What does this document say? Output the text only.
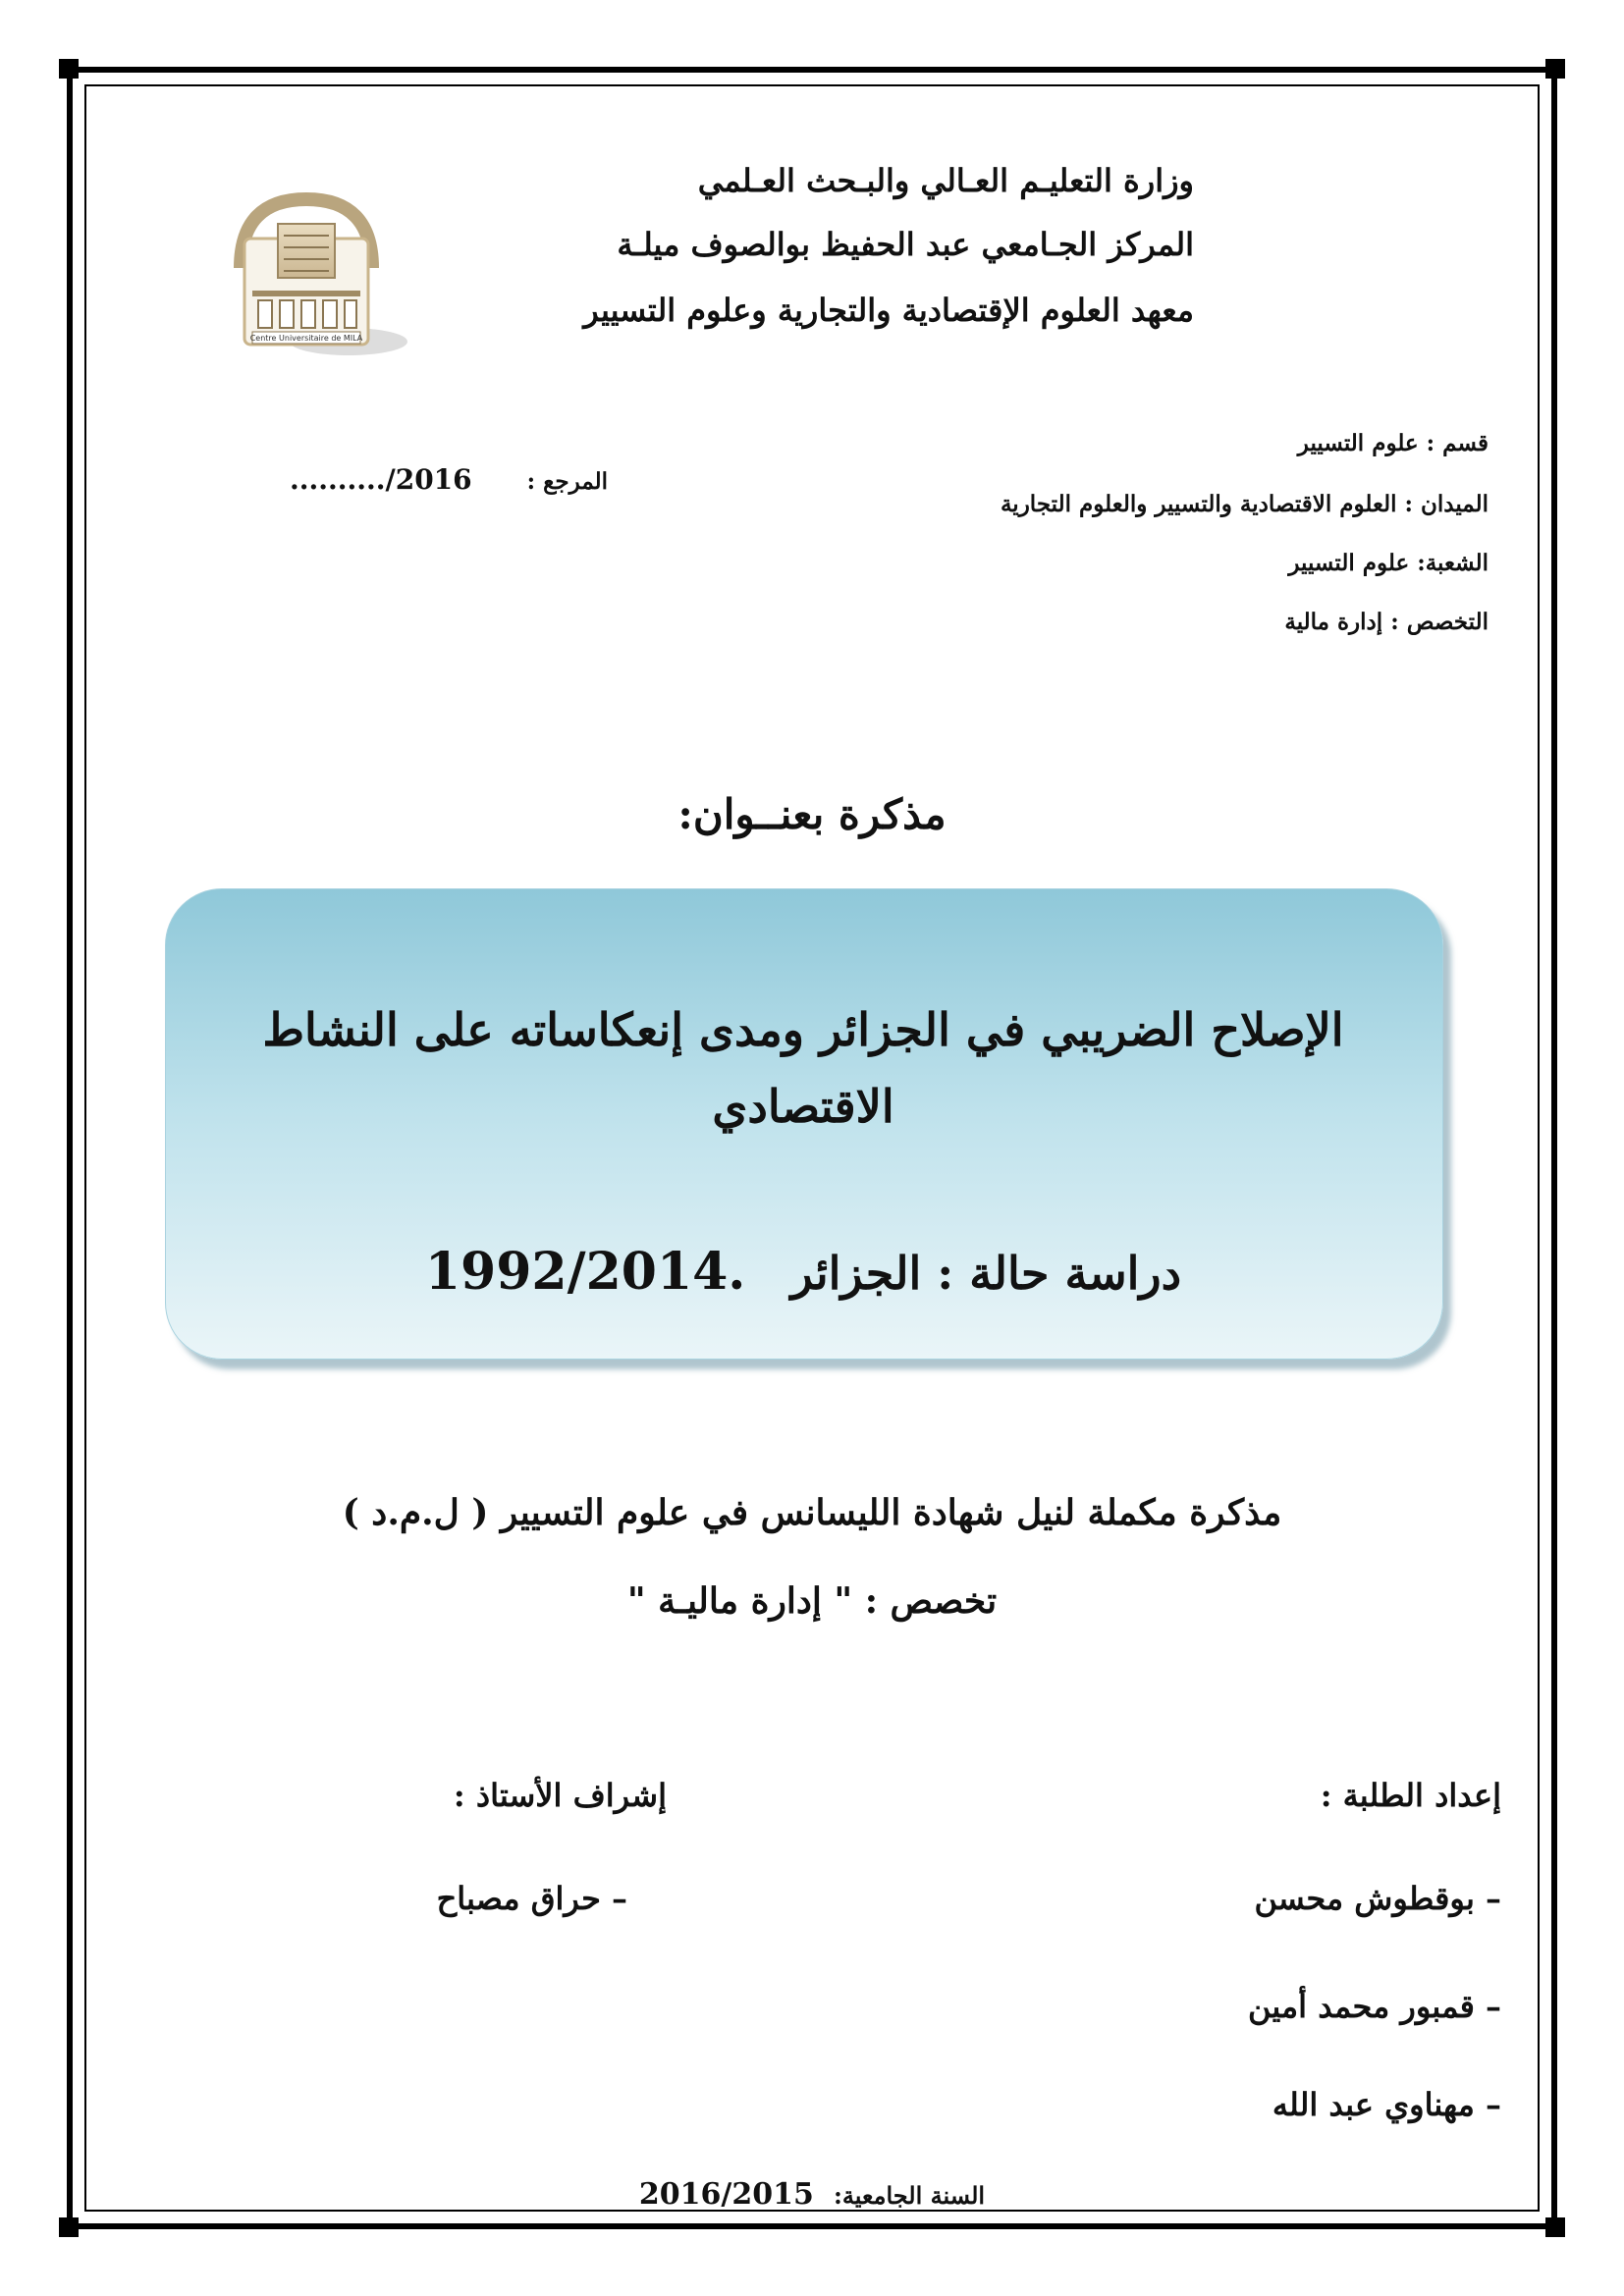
وزارة التعليـم العـالي والبـحث العـلمي
المركز الجـامعي عبد الحفيظ بوالصوف ميلـة
معهد العلوم الإقتصادية والتجارية وعلوم التسيير
Centre Universitaire de MILA
قسم : علوم التسيير
الميدان : العلوم الاقتصادية والتسيير والعلوم التجارية
الشعبة: علوم التسيير
التخصص : إدارة مالية
........../2016 المرجع :
مذكرة بعنــوان:
الإصلاح الضريبي في الجزائر ومدى إنعكاساته على النشاط
الاقتصادي
1992/2014. دراسة حالة : الجزائر
مذكرة مكملة لنيل شهادة الليسانس في علوم التسيير ( ل.م.د )
تخصص : " إدارة ماليـة "
إعداد الطلبة :
إشراف الأستاذ :
– بوقطوش محسن
– قمبور محمد أمين
– مهناوي عبد الله
– حراق مصباح
2016/2015 السنة الجامعية:
